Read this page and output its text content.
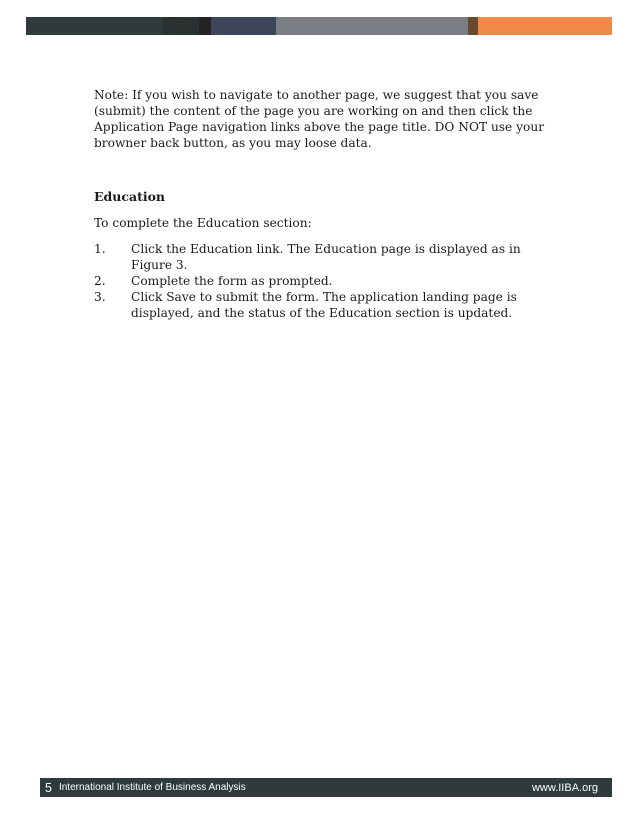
Note: If you wish to navigate to another page, we suggest that you save (submit) the content of the page you are working on and then click the Application Page navigation links above the page title. DO NOT use your browner back button, as you may loose data.

Education

To complete the Education section:

1.	Click the Education link. The Education page is displayed as in Figure 3.
2.	Complete the form as prompted.
3.	Click Save to submit the form. The application landing page is displayed, and the status of the Education section is updated.
5 International Institute of Business Analysis	www.IIBA.org
